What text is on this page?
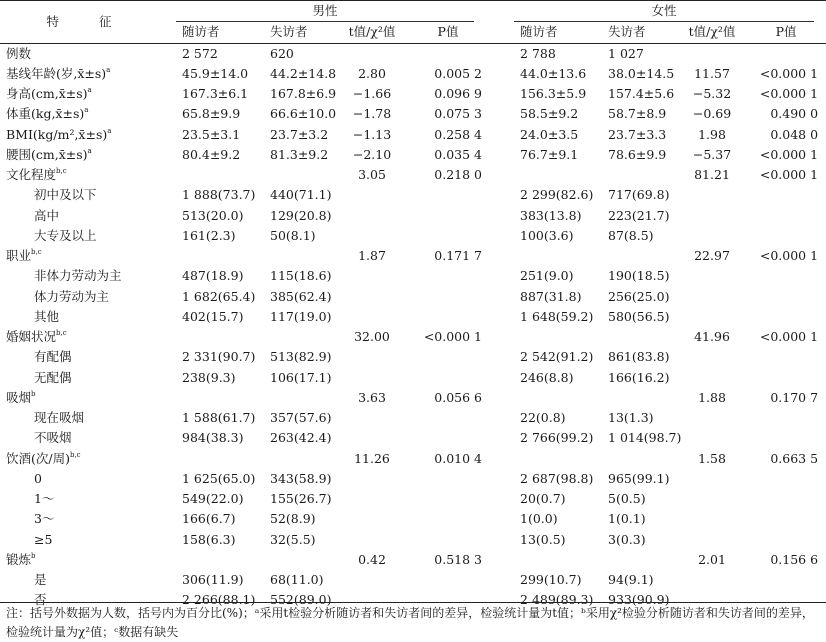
特 征	男性				女性			

	随访者	失访者	t值/χ²值	P值	随访者	失访者	t值/χ²值	P值
例数	2 572	620			2 788	1 027		
基线年龄(岁,x̄±s)$^a$	45.9±14.0	44.2±14.8	2.80	0.005 2	44.0±13.6	38.0±14.5	11.57	<0.000 1
身高(cm,x̄±s)$^a$	167.3±6.1	167.8±6.9	−1.66	0.096 9	156.3±5.9	157.4±5.6	−5.32	<0.000 1
体重(kg,x̄±s)$^a$	65.8±9.9	66.6±10.0	−1.78	0.075 3	58.5±9.2	58.7±8.9	−0.69	0.490 0
BMI(kg/m²,x̄±s)$^a$	23.5±3.1	23.7±3.2	−1.13	0.258 4	24.0±3.5	23.7±3.3	1.98	0.048 0
腰围(cm,x̄±s)$^a$	80.4±9.2	81.3±9.2	−2.10	0.035 4	76.7±9.1	78.6±9.9	−5.37	<0.000 1
文化程度$^{b,c}$			3.05	0.218 0			81.21	<0.000 1
初中及以下	1 888(73.7)	440(71.1)			2 299(82.6)	717(69.8)		
高中	513(20.0)	129(20.8)			383(13.8)	223(21.7)		
大专及以上	161(2.3)	50(8.1)			100(3.6)	87(8.5)		
职业$^{b,c}$			1.87	0.171 7			22.97	<0.000 1
非体力劳动为主	487(18.9)	115(18.6)			251(9.0)	190(18.5)		
体力劳动为主	1 682(65.4)	385(62.4)			887(31.8)	256(25.0)		
其他	402(15.7)	117(19.0)			1 648(59.2)	580(56.5)		
婚姻状况$^{b,c}$			32.00	<0.000 1			41.96	<0.000 1
有配偶	2 331(90.7)	513(82.9)			2 542(91.2)	861(83.8)		
无配偶	238(9.3)	106(17.1)			246(8.8)	166(16.2)		
吸烟$^b$			3.63	0.056 6			1.88	0.170 7
现在吸烟	1 588(61.7)	357(57.6)			22(0.8)	13(1.3)		
不吸烟	984(38.3)	263(42.4)			2 766(99.2)	1 014(98.7)		
饮酒(次/周)$^{b,c}$			11.26	0.010 4			1.58	0.663 5
0	1 625(65.0)	343(58.9)			2 687(98.8)	965(99.1)		
1～	549(22.0)	155(26.7)			20(0.7)	5(0.5)		
3～	166(6.7)	52(8.9)			1(0.0)	1(0.1)		
≥5	158(6.3)	32(5.5)			13(0.5)	3(0.3)		
锻炼$^b$			0.42	0.518 3			2.01	0.156 6
是	306(11.9)	68(11.0)			299(10.7)	94(9.1)		
否	2 266(88.1)	552(89.0)			2 489(89.3)	933(90.9)		
注：括号外数据为人数，括号内为百分比(%)；ᵃ采用t检验分析随访者和失访者间的差异，检验统计量为t值；ᵇ采用χ²检验分析随访者和失访者间的差异，检验统计量为χ²值；ᶜ数据有缺失
